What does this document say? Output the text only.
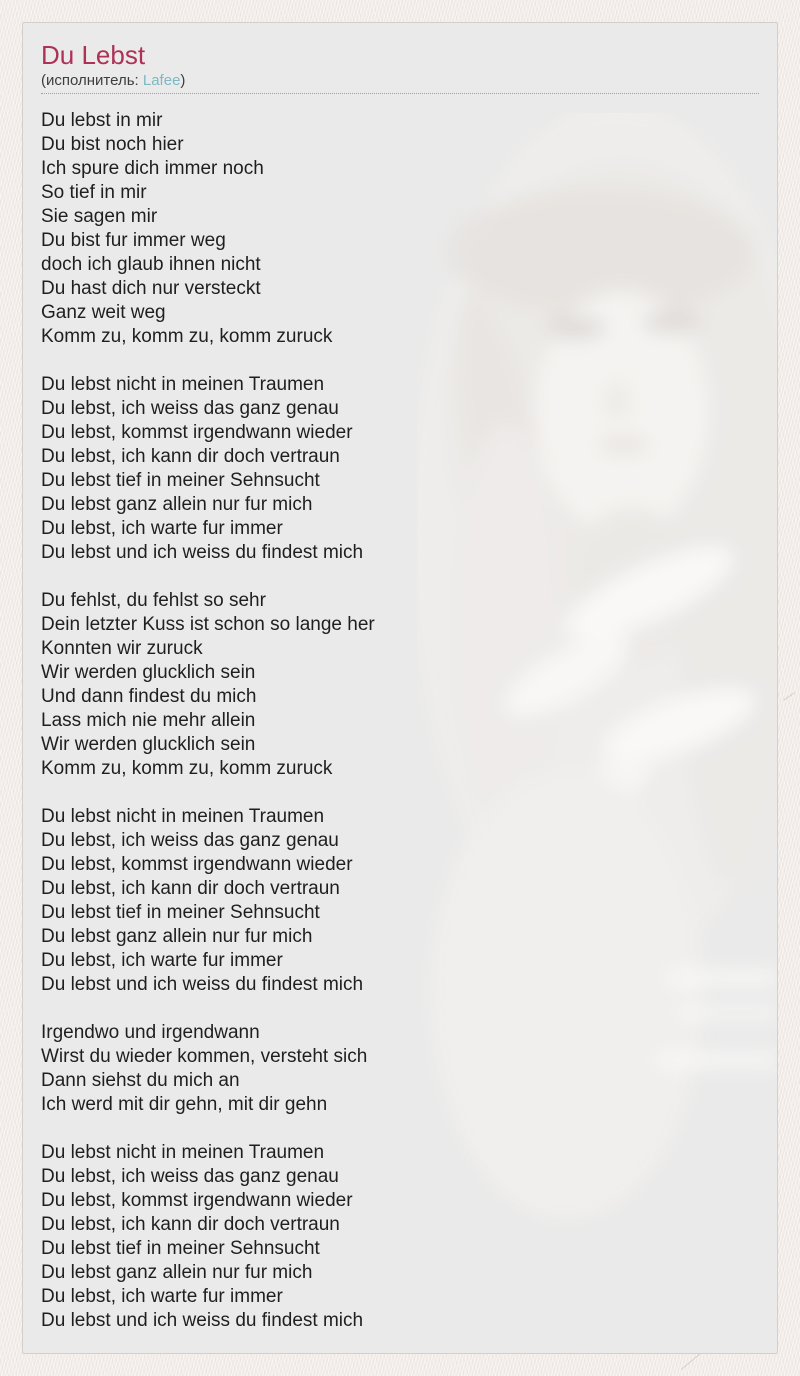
Du Lebst
(исполнитель: Lafee)
Du lebst in mir
Du bist noch hier
Ich spure dich immer noch
So tief in mir
Sie sagen mir
Du bist fur immer weg
doch ich glaub ihnen nicht
Du hast dich nur versteckt
Ganz weit weg
Komm zu, komm zu, komm zuruck
Du lebst nicht in meinen Traumen
Du lebst, ich weiss das ganz genau
Du lebst, kommst irgendwann wieder
Du lebst, ich kann dir doch vertraun
Du lebst tief in meiner Sehnsucht
Du lebst ganz allein nur fur mich
Du lebst, ich warte fur immer
Du lebst und ich weiss du findest mich
Du fehlst, du fehlst so sehr
Dein letzter Kuss ist schon so lange her
Konnten wir zuruck
Wir werden glucklich sein
Und dann findest du mich
Lass mich nie mehr allein
Wir werden glucklich sein
Komm zu, komm zu, komm zuruck
Du lebst nicht in meinen Traumen
Du lebst, ich weiss das ganz genau
Du lebst, kommst irgendwann wieder
Du lebst, ich kann dir doch vertraun
Du lebst tief in meiner Sehnsucht
Du lebst ganz allein nur fur mich
Du lebst, ich warte fur immer
Du lebst und ich weiss du findest mich
Irgendwo und irgendwann
Wirst du wieder kommen, versteht sich
Dann siehst du mich an
Ich werd mit dir gehn, mit dir gehn
Du lebst nicht in meinen Traumen
Du lebst, ich weiss das ganz genau
Du lebst, kommst irgendwann wieder
Du lebst, ich kann dir doch vertraun
Du lebst tief in meiner Sehnsucht
Du lebst ganz allein nur fur mich
Du lebst, ich warte fur immer
Du lebst und ich weiss du findest mich
